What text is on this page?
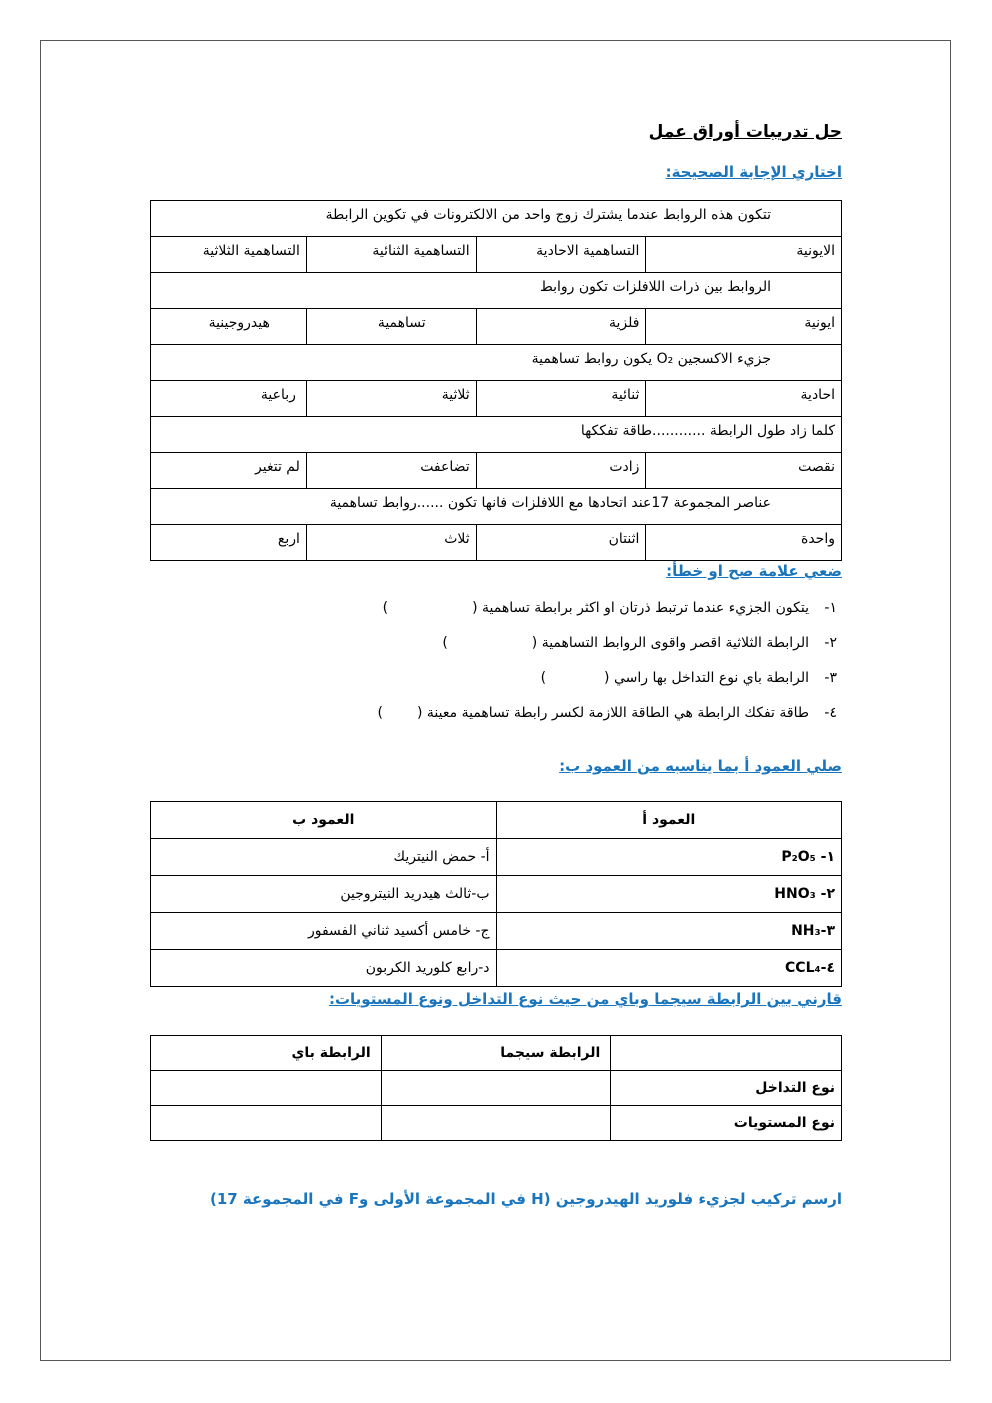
حل تدريبات أوراق عمل
اختاري الإجابة الصحيحة:
تتكون هذه الروابط عندما يشترك زوج واحد من الالكترونات في تكوين الرابطة			
الايونية	التساهمية الاحادية	التساهمية الثنائية	التساهمية الثلاثية
الروابط بين ذرات اللافلزات تكون روابط			
ايونية	فلزية	تساهمية	هيدروجينية
جزيء الاكسجين O₂ يكون روابط تساهمية			
احادية	ثنائية	ثلاثية	رباعية
كلما زاد طول الرابطة ............طاقة تفككها			
نقصت	زادت	تضاعفت	لم تتغير
عناصر المجموعة 17عند اتحادها مع اللافلزات فانها تكون ......روابط تساهمية			
واحدة	اثنتان	ثلاث	اربع
ضعي علامة صح او خطأ:
١-يتكون الجزيء عندما ترتبط ذرتان او اكثر برابطة تساهمية ()
٢-الرابطة الثلاثية اقصر واقوى الروابط التساهمية ()
٣-الرابطة باي نوع التداخل بها راسي ()
٤-طاقة تفكك الرابطة هي الطاقة اللازمة لكسر رابطة تساهمية معينة ()
صلي العمود أ بما يناسبه من العمود ب:
العمود أ	العمود ب
١- P₂O₅	أ- حمض النيتريك
٢- HNO₃	ب-ثالث هيدريد النيتروجين
٣-NH₃	ج- خامس أكسيد ثناني الفسفور
٤-CCL₄	د-رابع كلوريد الكربون
قارني بين الرابطة سيجما وباي من حيث نوع التداخل ونوع المستويات:
	الرابطة سيجما	الرابطة باي
نوع التداخل		
نوع المستويات		
ارسم تركيب لجزيء فلوريد الهيدروجين (H في المجموعة الأولى وF في المجموعة 17)
